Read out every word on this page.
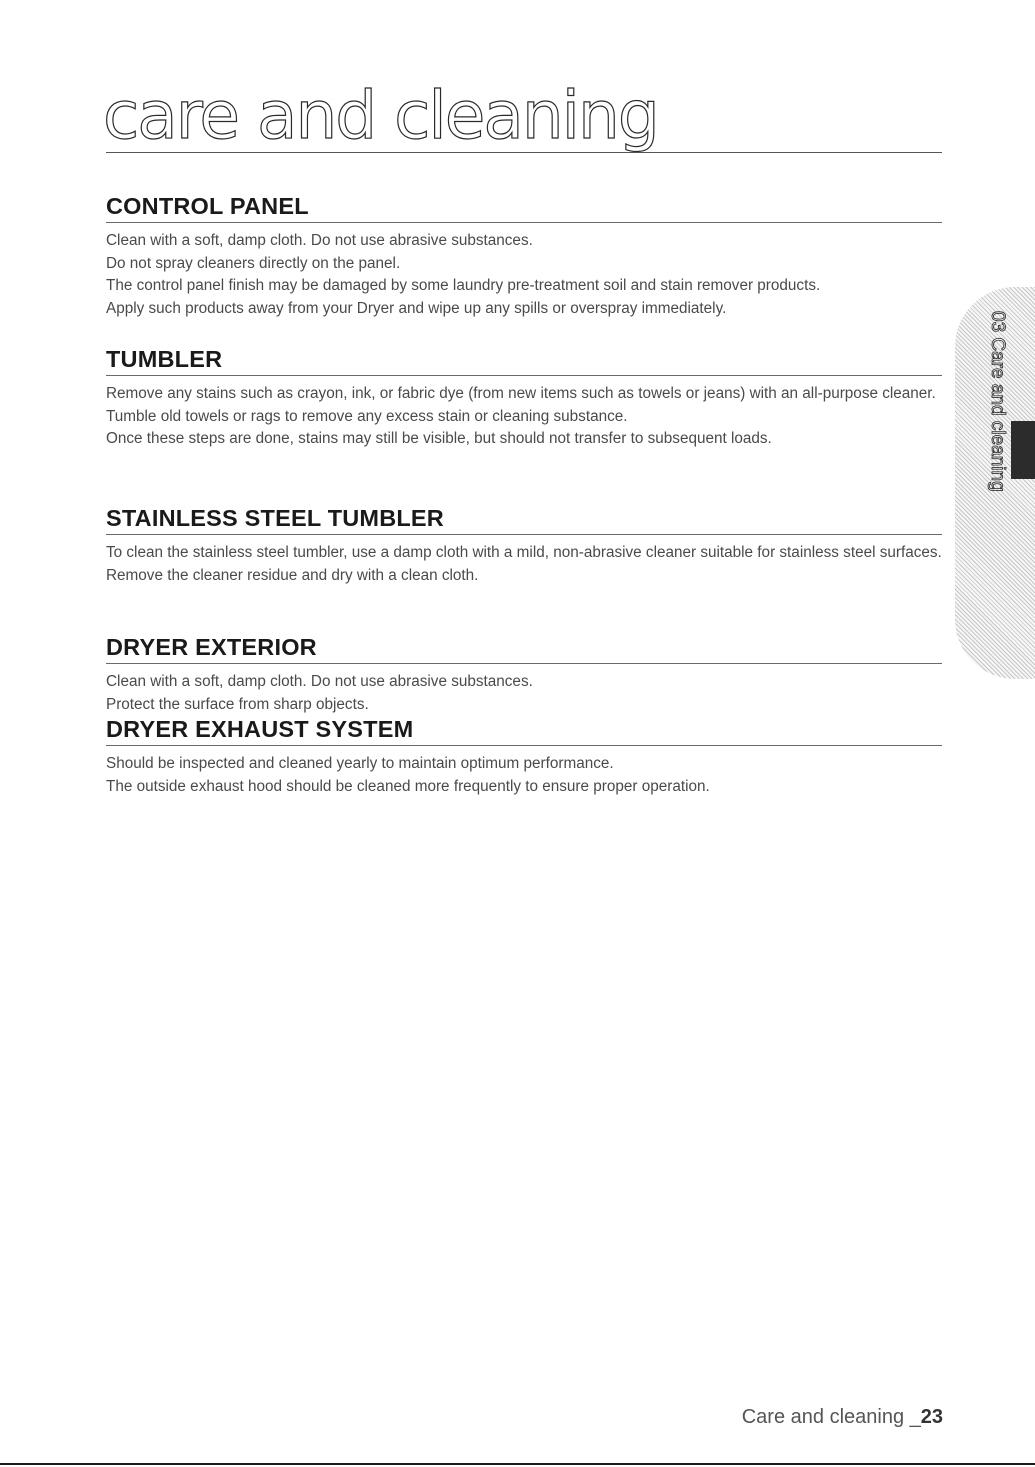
care and cleaning
CONTROL PANEL

Clean with a soft, damp cloth. Do not use abrasive substances.

Do not spray cleaners directly on the panel.

The control panel finish may be damaged by some laundry pre-treatment soil and stain remover products.

Apply such products away from your Dryer and wipe up any spills or overspray immediately.

TUMBLER

Remove any stains such as crayon, ink, or fabric dye (from new items such as towels or jeans) with an all-purpose cleaner.

Tumble old towels or rags to remove any excess stain or cleaning substance.

Once these steps are done, stains may still be visible, but should not transfer to subsequent loads.

STAINLESS STEEL TUMBLER

To clean the stainless steel tumbler, use a damp cloth with a mild, non-abrasive cleaner suitable for stainless steel surfaces.

Remove the cleaner residue and dry with a clean cloth.

DRYER EXTERIOR

Clean with a soft, damp cloth. Do not use abrasive substances.

Protect the surface from sharp objects.

DRYER EXHAUST SYSTEM

Should be inspected and cleaned yearly to maintain optimum performance.

The outside exhaust hood should be cleaned more frequently to ensure proper operation.

03 Care and cleaning
Care and cleaning _23
